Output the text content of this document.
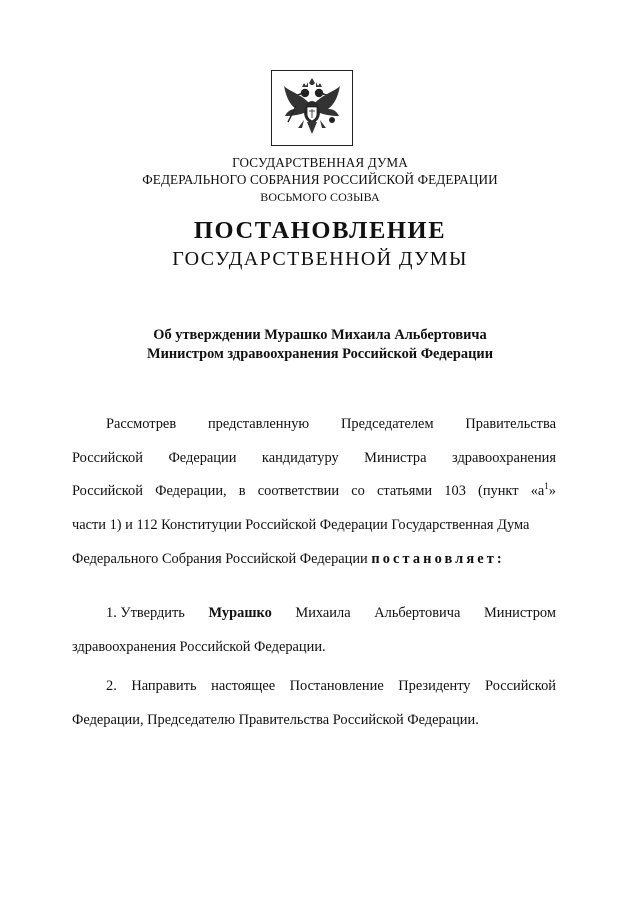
ГОСУДАРСТВЕННАЯ ДУМА
ФЕДЕРАЛЬНОГО СОБРАНИЯ РОССИЙСКОЙ ФЕДЕРАЦИИ
ВОСЬМОГО СОЗЫВА
ПОСТАНОВЛЕНИЕ
ГОСУДАРСТВЕННОЙ ДУМЫ
Об утверждении Мурашко Михаила Альбертовича
Министром здравоохранения Российской Федерации
Рассмотрев представленную Председателем Правительства
Российской Федерации кандидатуру Министра здравоохранения
Российской Федерации, в соответствии со статьями 103 (пункт «$а^1$»
части 1) и 112 Конституции Российской Федерации Государственная Дума
Федерального Собрания Российской Федерации постановляет:
1. Утвердить Мурашко Михаила Альбертовича Министром
здравоохранения Российской Федерации.
2. Направить настоящее Постановление Президенту Российской
Федерации, Председателю Правительства Российской Федерации.
